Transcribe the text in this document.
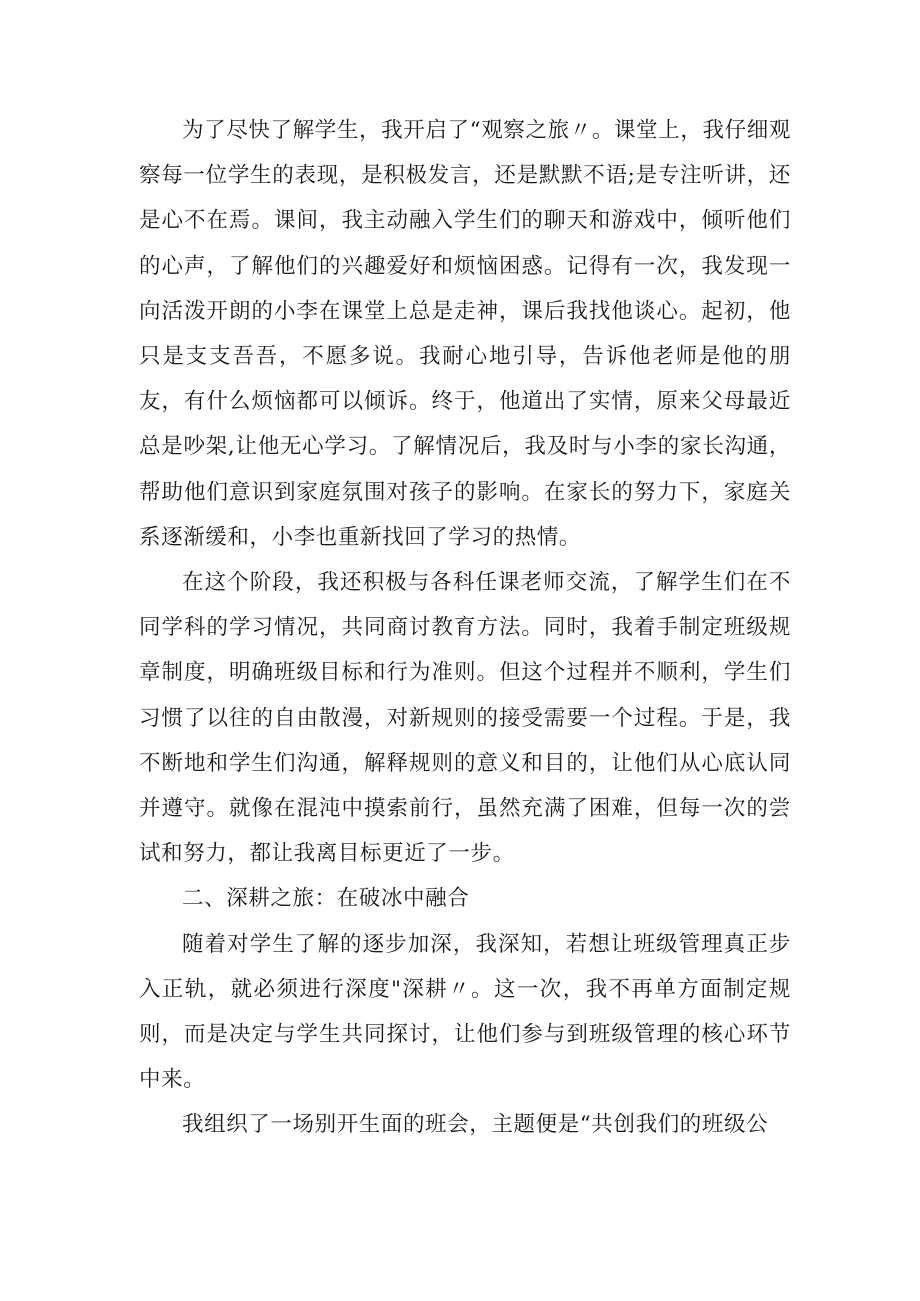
为了尽快了解学生，我开启了“观察之旅〃。课堂上，我仔细观察每一位学生的表现，是积极发言，还是默默不语;是专注听讲，还是心不在焉。课间，我主动融入学生们的聊天和游戏中，倾听他们的心声，了解他们的兴趣爱好和烦恼困惑。记得有一次，我发现一向活泼开朗的小李在课堂上总是走神，课后我找他谈心。起初，他只是支支吾吾，不愿多说。我耐心地引导，告诉他老师是他的朋友，有什么烦恼都可以倾诉。终于，他道出了实情，原来父母最近总是吵架,让他无心学习。了解情况后，我及时与小李的家长沟通，帮助他们意识到家庭氛围对孩子的影响。在家长的努力下，家庭关系逐渐缓和，小李也重新找回了学习的热情。

在这个阶段，我还积极与各科任课老师交流，了解学生们在不同学科的学习情况，共同商讨教育方法。同时，我着手制定班级规章制度，明确班级目标和行为准则。但这个过程并不顺利，学生们习惯了以往的自由散漫，对新规则的接受需要一个过程。于是，我不断地和学生们沟通，解释规则的意义和目的，让他们从心底认同并遵守。就像在混沌中摸索前行，虽然充满了困难，但每一次的尝试和努力，都让我离目标更近了一步。

二、深耕之旅：在破冰中融合

随着对学生了解的逐步加深，我深知，若想让班级管理真正步入正轨，就必须进行深度"深耕〃。这一次，我不再单方面制定规则，而是决定与学生共同探讨，让他们参与到班级管理的核心环节中来。

我组织了一场别开生面的班会，主题便是“共创我们的班级公
